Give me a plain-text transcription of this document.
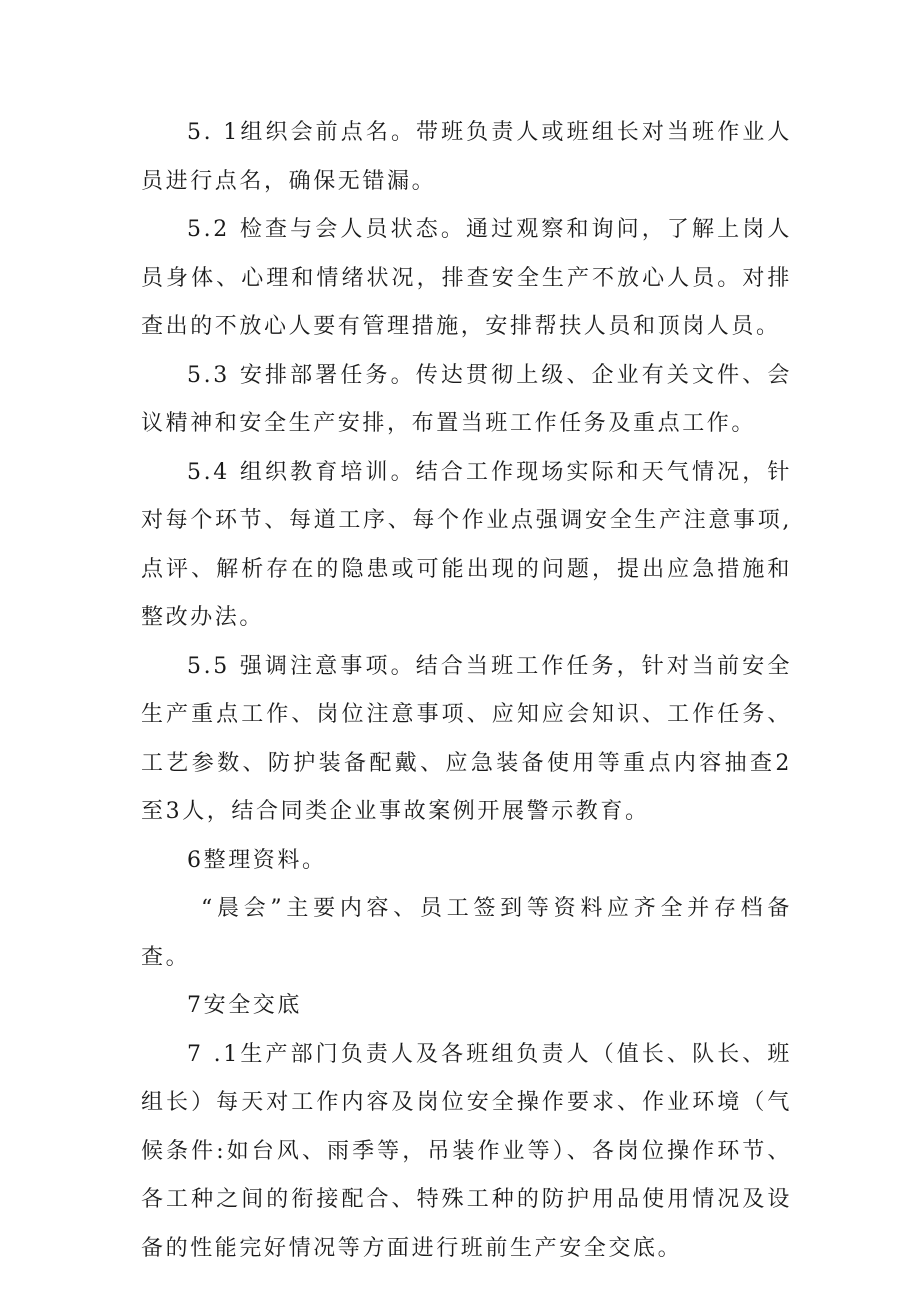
5. 1组织会前点名。带班负责人或班组长对当班作业人员进行点名，确保无错漏。

5.2 检查与会人员状态。通过观察和询问，了解上岗人员身体、心理和情绪状况，排查安全生产不放心人员。对排查出的不放心人要有管理措施，安排帮扶人员和顶岗人员。

5.3 安排部署任务。传达贯彻上级、企业有关文件、会议精神和安全生产安排，布置当班工作任务及重点工作。

5.4 组织教育培训。结合工作现场实际和天气情况，针对每个环节、每道工序、每个作业点强调安全生产注意事项,点评、解析存在的隐患或可能出现的问题，提出应急措施和整改办法。

5.5 强调注意事项。结合当班工作任务，针对当前安全生产重点工作、岗位注意事项、应知应会知识、工作任务、工艺参数、防护装备配戴、应急装备使用等重点内容抽查2至3人，结合同类企业事故案例开展警示教育。

6整理资料。

“晨会”主要内容、员工签到等资料应齐全并存档备查。

7安全交底

7 .1生产部门负责人及各班组负责人（值长、队长、班组长）每天对工作内容及岗位安全操作要求、作业环境（气候条件:如台风、雨季等，吊装作业等）、各岗位操作环节、各工种之间的衔接配合、特殊工种的防护用品使用情况及设备的性能完好情况等方面进行班前生产安全交底。
